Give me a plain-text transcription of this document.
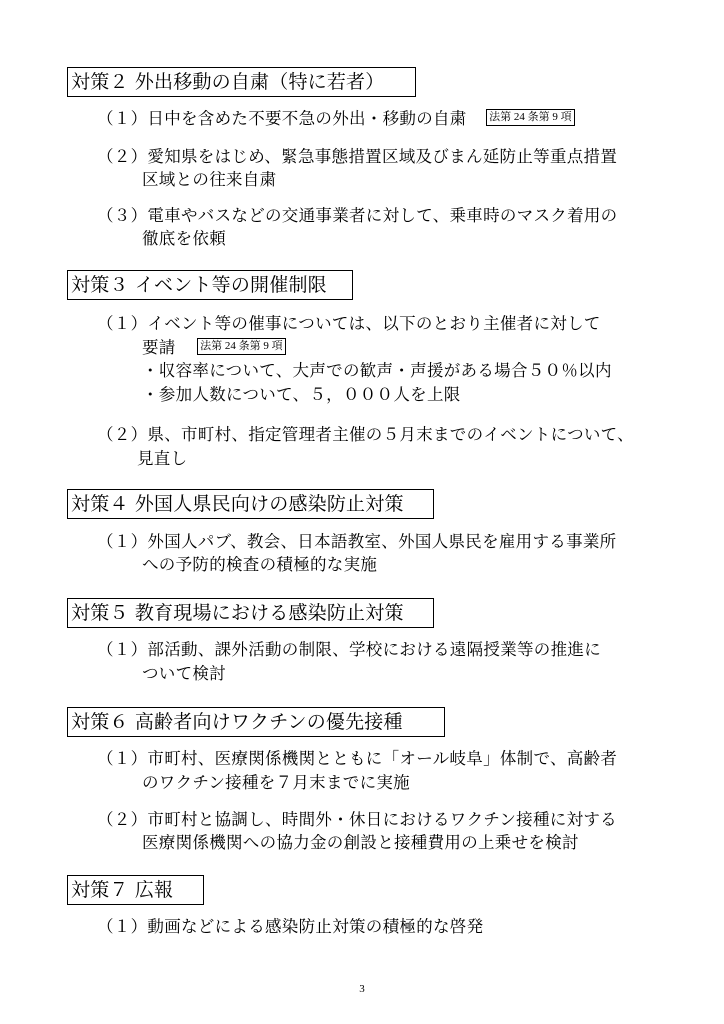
対策２ 外出移動の自粛（特に若者）
（１）日中を含めた不要不急の外出・移動の自粛 法第 24 条第 9 項
（２）愛知県をはじめ、緊急事態措置区域及びまん延防止等重点措置
区域との往来自粛
（３）電車やバスなどの交通事業者に対して、乗車時のマスク着用の
徹底を依頼
対策３ イベント等の開催制限
（１）イベント等の催事については、以下のとおり主催者に対して
要請 法第 24 条第 9 項
・収容率について、大声での歓声・声援がある場合５０％以内
・参加人数について、５，０００人を上限
（２）県、市町村、指定管理者主催の５月末までのイベントについて、
見直し
対策４ 外国人県民向けの感染防止対策
（１）外国人パブ、教会、日本語教室、外国人県民を雇用する事業所
への予防的検査の積極的な実施
対策５ 教育現場における感染防止対策
（１）部活動、課外活動の制限、学校における遠隔授業等の推進に
ついて検討
対策６ 高齢者向けワクチンの優先接種
（１）市町村、医療関係機関とともに「オール岐阜」体制で、高齢者
のワクチン接種を７月末までに実施
（２）市町村と協調し、時間外・休日におけるワクチン接種に対する
医療関係機関への協力金の創設と接種費用の上乗せを検討
対策７ 広報
（１）動画などによる感染防止対策の積極的な啓発
3
